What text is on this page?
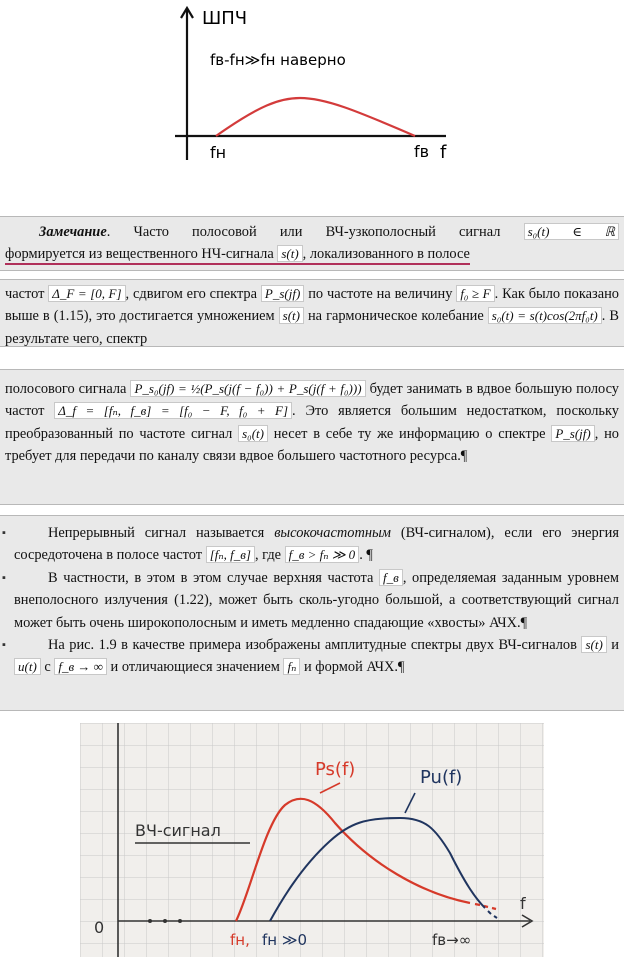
ШПЧ
fв-fн≫fн наверно
fн	fв f

Замечание. Часто полосовой или ВЧ-узкополосный сигнал s₀(t) ∈ ℝ

формируется из вещественного НЧ-сигнала s(t) , локализованного в полосе

частот Δ_F = [0, F] , сдвигом его спектра P_s(jf) по частоте на величину f₀ ≥ F . Как было показано выше в (1.15), это достигается умножением s(t) на гармоническое колебание s₀(t) = s(t)cos(2πf₀t) . В результате чего, спектр

полосового сигнала P_s₀(jf) = ½(P_s(j(f − f₀)) + P_s(j(f + f₀))) будет занимать в вдвое большую полосу частот Δ_f = [fₙ, f_в] = [f₀ − F, f₀ + F] . Это является большим недостатком, поскольку преобразованный по частоте сигнал s₀(t) несет в себе ту же информацию о спектре P_s(jf) , но требует для передачи по каналу связи вдвое большего частотного ресурса.¶

▪	Непрерывный сигнал называется высокочастотным (ВЧ-сигналом), если его энергия сосредоточена в полосе частот [fₙ, f_в] , где f_в > fₙ ≫ 0 . ¶

▪	В частности, в этом в этом случае верхняя частота f_в , определяемая заданным уровнем внеполосного излучения (1.22), может быть сколь-угодно большой, а соответствующий сигнал может быть очень широкополосным и иметь медленно спадающие «хвосты» АЧХ.¶

▪	На рис. 1.9 в качестве примера изображены амплитудные спектры двух ВЧ-сигналов s(t) и u(t) с f_в → ∞ и отличающиеся значением fₙ и формой АЧХ.¶

ВЧ-сигнал
Ps(f)	Pu(f)
0
f
fн, fн ≫0	fв→∞
